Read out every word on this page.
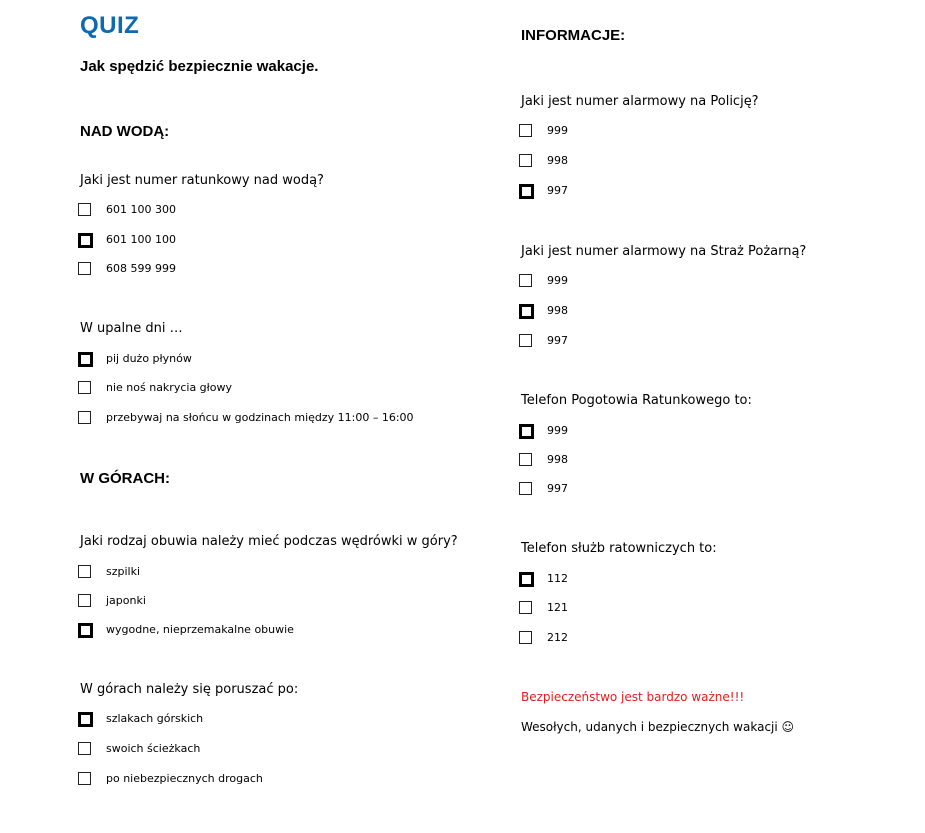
QUIZ
Jak spędzić bezpiecznie wakacje.
INFORMACJE:
NAD WODĄ:
Jaki jest numer ratunkowy nad wodą?
601 100 300
601 100 100
608 599 999
W upalne dni …
pij dużo płynów
nie noś nakrycia głowy
przebywaj na słońcu w godzinach między 11:00 – 16:00
W GÓRACH:
Jaki rodzaj obuwia należy mieć podczas wędrówki w góry?
szpilki
japonki
wygodne, nieprzemakalne obuwie
W górach należy się poruszać po:
szlakach górskich
swoich ścieżkach
po niebezpiecznych drogach
Jaki jest numer alarmowy na Policję?
999
998
997
Jaki jest numer alarmowy na Straż Pożarną?
999
998
997
Telefon Pogotowia Ratunkowego to:
999
998
997
Telefon służb ratowniczych to:
112
121
212
Bezpieczeństwo jest bardzo ważne!!!
Wesołych, udanych i bezpiecznych wakacji ☺
